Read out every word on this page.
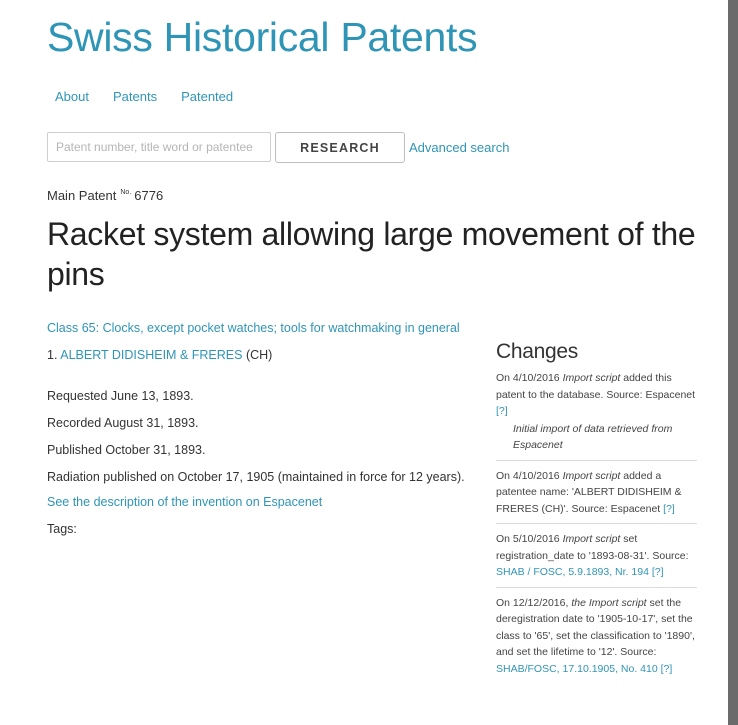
Swiss Historical Patents
About Patents Patented
Patent number, title word or patentee
RESEARCH	Advanced search
Main Patent $^{No.}$ 6776
Racket system allowing large movement of the pins
Class 65: Clocks, except pocket watches; tools for watchmaking in general
1. ALBERT DIDISHEIM & FRERES (CH)

Requested June 13, 1893.

Recorded August 31, 1893.

Published October 31, 1893.

Radiation published on October 17, 1905 (maintained in force for 12 years).

See the description of the invention on Espacenet
Tags:
Changes
On 4/10/2016 Import script added this patent to the database. Source: Espacenet [?]
Initial import of data retrieved from Espacenet
On 4/10/2016 Import script added a patentee name: 'ALBERT DIDISHEIM & FRERES (CH)'. Source: Espacenet [?]
On 5/10/2016 Import script set registration_date to '1893-08-31'. Source: SHAB / FOSC, 5.9.1893, Nr. 194 [?]
On 12/12/2016, the Import script set the deregistration date to '1905-10-17', set the class to '65', set the classification to '1890', and set the lifetime to '12'. Source: SHAB/FOSC, 17.10.1905, No. 410 [?]
